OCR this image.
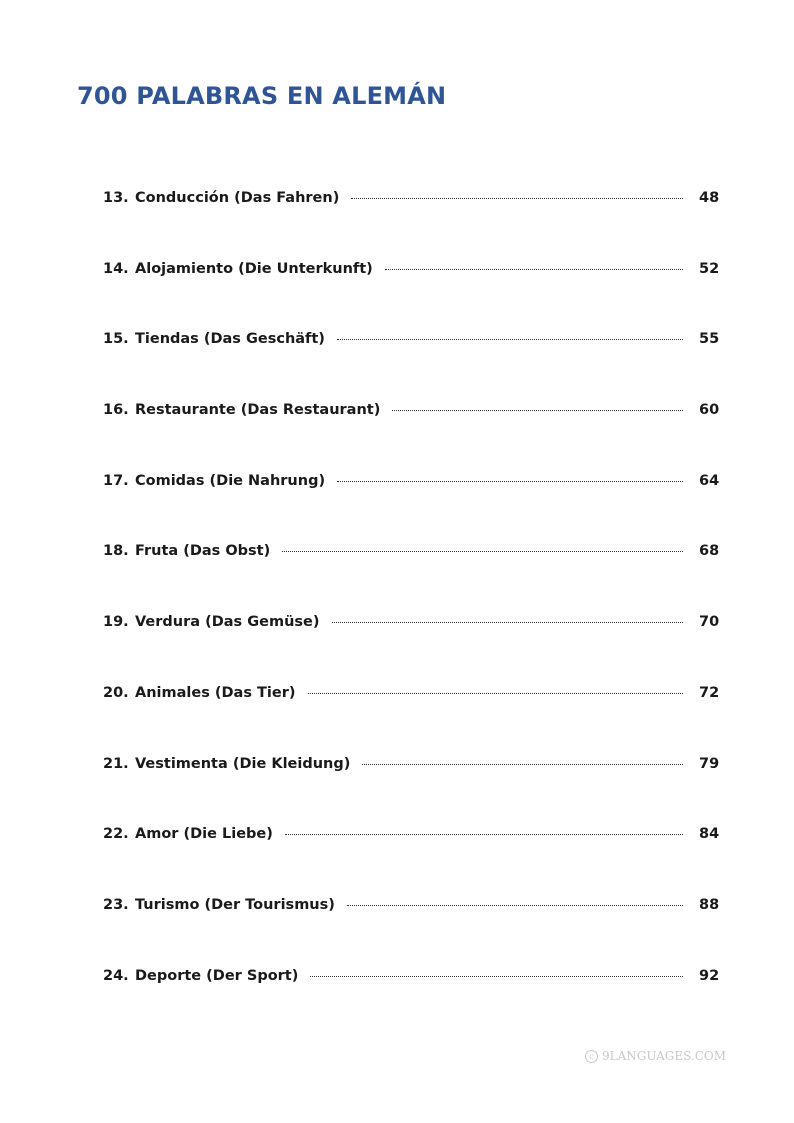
700 PALABRAS EN ALEMÁN
13. Conducción (Das Fahren)	48
14. Alojamiento (Die Unterkunft)	52
15. Tiendas (Das Geschäft)	55
16. Restaurante (Das Restaurant)	60
17. Comidas (Die Nahrung)	64
18. Fruta (Das Obst)	68
19. Verdura (Das Gemüse)	70
20. Animales (Das Tier)	72
21. Vestimenta (Die Kleidung)	79
22. Amor (Die Liebe)	84
23. Turismo (Der Tourismus)	88
24. Deporte (Der Sport)	92
c 9LANGUAGES.COM
